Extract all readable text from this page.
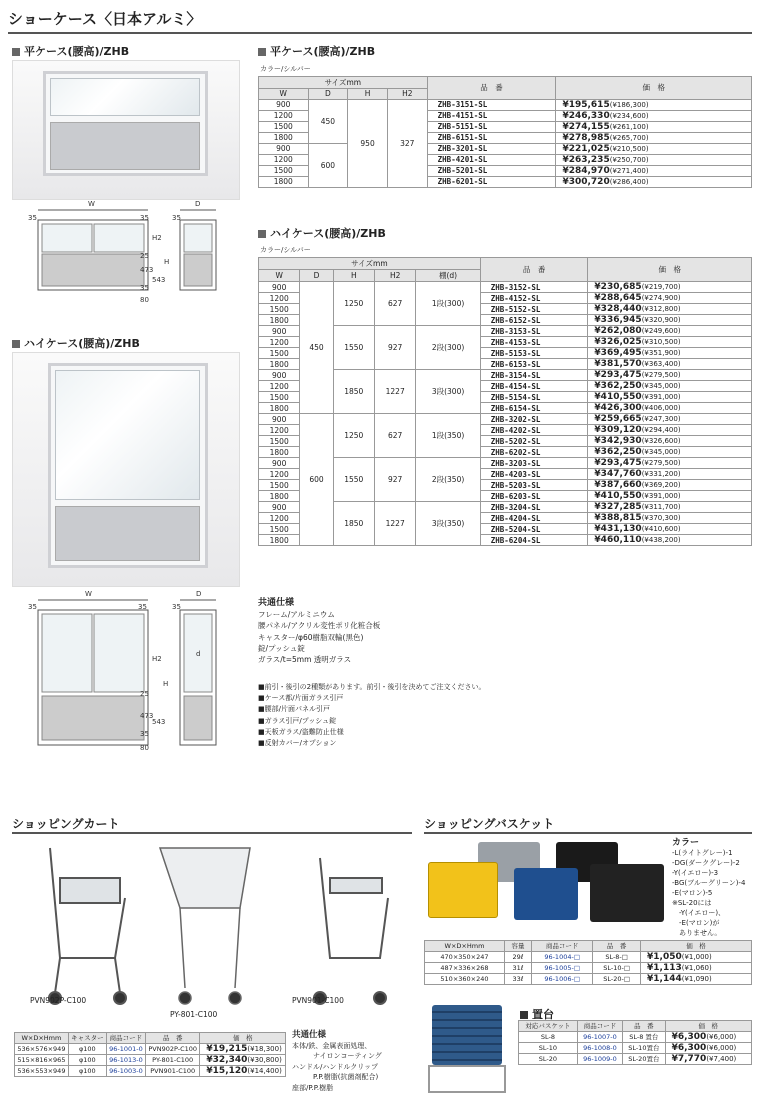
ショーケース〈日本アルミ〉
平ケース(腰高)/ZHB
W	D
35	35	35
H2
H
25
473
543
35
80
ハイケース(腰高)/ZHB
W	D
35	35	35
d
H2
H
25
473
543
35
80
平ケース(腰高)/ZHB
カラー/シルバー
サイズmm				品　番	価　格
W	D	H	H2		
900	450	950	327	ZHB-3151-SL	¥195,615(¥186,300)
1200				ZHB-4151-SL	¥246,330(¥234,600)
1500				ZHB-5151-SL	¥274,155(¥261,100)
1800				ZHB-6151-SL	¥278,985(¥265,700)
900	600			ZHB-3201-SL	¥221,025(¥210,500)
1200				ZHB-4201-SL	¥263,235(¥250,700)
1500				ZHB-5201-SL	¥284,970(¥271,400)
1800				ZHB-6201-SL	¥300,720(¥286,400)
ハイケース(腰高)/ZHB
カラー/シルバー
サイズmm					品　番	価　格
W	D	H	H2	棚(d)		
900	450	1250	627	1段(300)	ZHB-3152-SL	¥230,685(¥219,700)
1200					ZHB-4152-SL	¥288,645(¥274,900)
1500					ZHB-5152-SL	¥328,440(¥312,800)
1800					ZHB-6152-SL	¥336,945(¥320,900)
900		1550	927	2段(300)	ZHB-3153-SL	¥262,080(¥249,600)
1200					ZHB-4153-SL	¥326,025(¥310,500)
1500					ZHB-5153-SL	¥369,495(¥351,900)
1800					ZHB-6153-SL	¥381,570(¥363,400)
900		1850	1227	3段(300)	ZHB-3154-SL	¥293,475(¥279,500)
1200					ZHB-4154-SL	¥362,250(¥345,000)
1500					ZHB-5154-SL	¥410,550(¥391,000)
1800					ZHB-6154-SL	¥426,300(¥406,000)
900	600	1250	627	1段(350)	ZHB-3202-SL	¥259,665(¥247,300)
1200					ZHB-4202-SL	¥309,120(¥294,400)
1500					ZHB-5202-SL	¥342,930(¥326,600)
1800					ZHB-6202-SL	¥362,250(¥345,000)
900		1550	927	2段(350)	ZHB-3203-SL	¥293,475(¥279,500)
1200					ZHB-4203-SL	¥347,760(¥331,200)
1500					ZHB-5203-SL	¥387,660(¥369,200)
1800					ZHB-6203-SL	¥410,550(¥391,000)
900		1850	1227	3段(350)	ZHB-3204-SL	¥327,285(¥311,700)
1200					ZHB-4204-SL	¥388,815(¥370,300)
1500					ZHB-5204-SL	¥431,130(¥410,600)
1800					ZHB-6204-SL	¥460,110(¥438,200)
共通仕様
フレーム/アルミニウム
腰パネル/アクリル変性ポリ化粧合板
キャスター/φ60樹脂双輪(黒色)
錠/プッシュ錠
ガラス/t=5mm 透明ガラス
■前引・後引の2種類があります。前引・後引を決めてご注文ください。
■ケース都/片面ガラス引戸
■腰部/片面パネル引戸
■ガラス引戸/プッシュ錠
■天板ガラス/盗難防止仕様
■反射カバー/オプション
ショッピングカート
PVN902P-C100
PY-801-C100
PVN901-C100
W×D×Hmm	キャスター	商品コード	品　番	価　格
536×576×949	φ100	96-1001-0	PVN902P-C100	¥19,215(¥18,300)
515×816×965	φ100	96-1013-0	PY-801-C100	¥32,340(¥30,800)
536×553×949	φ100	96-1003-0	PVN901-C100	¥15,120(¥14,400)
共通仕様
本体/鉄、金属表面処理、
　　　ナイロンコーティング
ハンドル/ハンドルクリップ
　　　P.P.樹脂(抗菌剤配合)
座部/P.P.樹脂
ショッピングバスケット
カラー
-L(ライトグレー)-1
-DG(ダークグレー)-2
-Y(イエロー)-3
-BG(ブルーグリーン)-4
-E(マロン)-5
※SL-20には
　-Y(イエロー)、
　-E(マロン)が
　ありません。
W×D×Hmm	容量	商品コード	品　番	価　格
470×350×247	29ℓ	96-1004-□	SL-8-□	¥1,050(¥1,000)
487×336×268	31ℓ	96-1005-□	SL-10-□	¥1,113(¥1,060)
510×360×240	33ℓ	96-1006-□	SL-20-□	¥1,144(¥1,090)
置台
対応バスケット	商品コード	品　番	価　格
SL-8	96-1007-0	SL-8 置台	¥6,300(¥6,000)
SL-10	96-1008-0	SL-10置台	¥6,300(¥6,000)
SL-20	96-1009-0	SL-20置台	¥7,770(¥7,400)
